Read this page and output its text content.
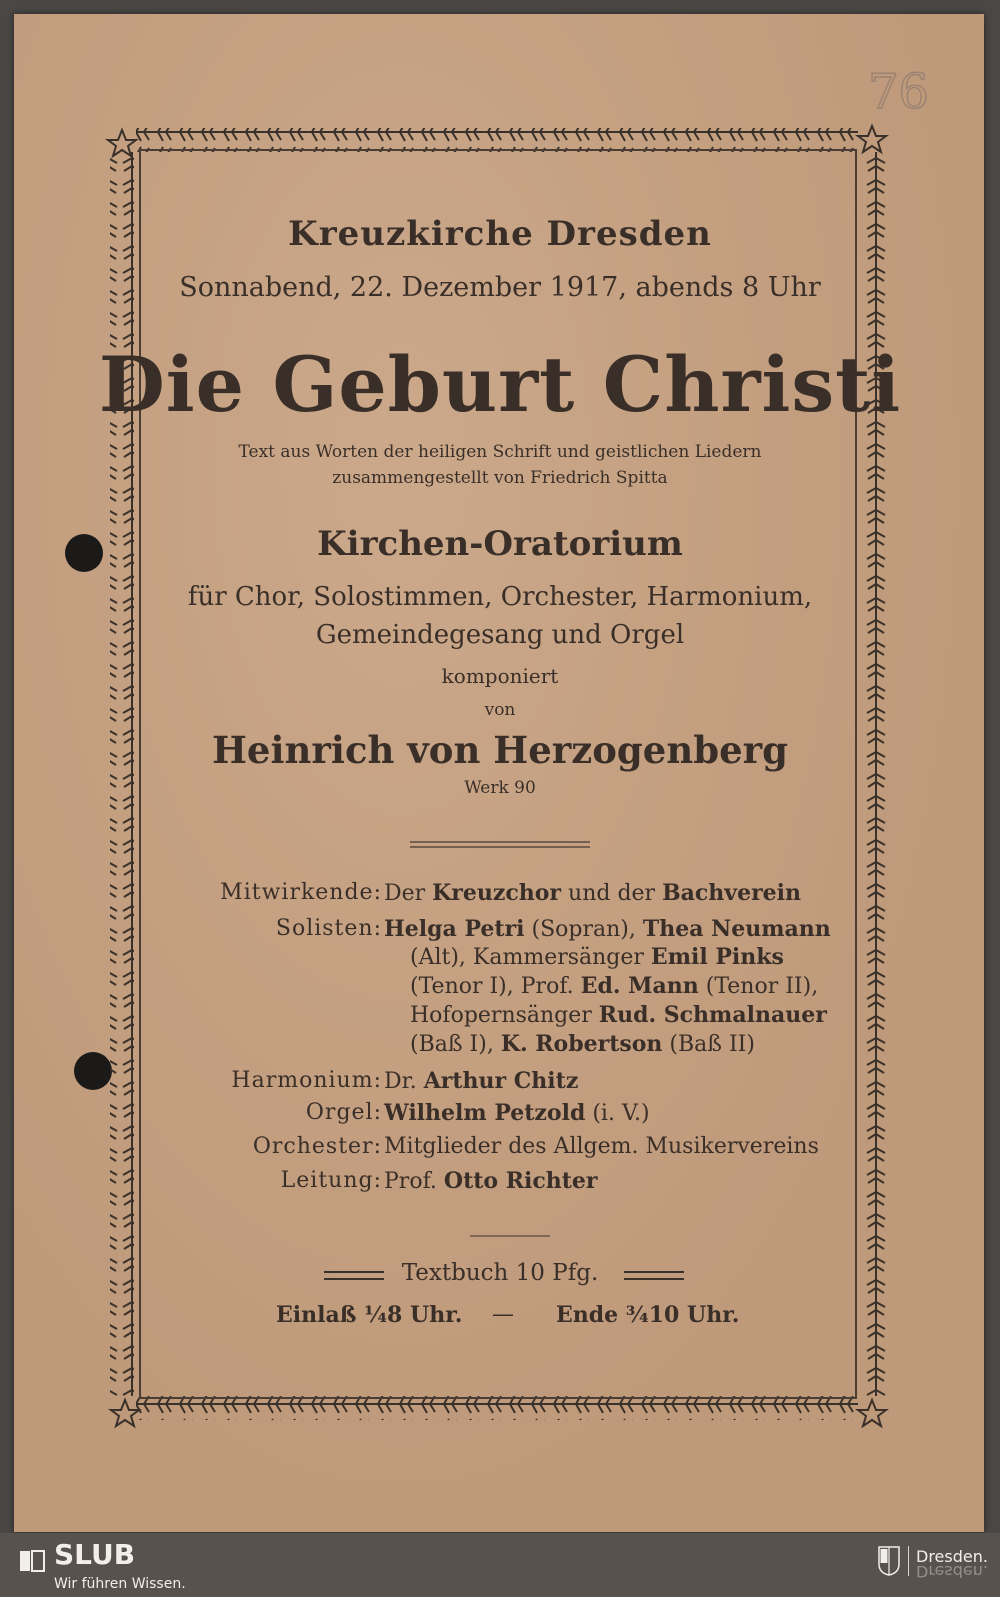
76
Kreuzkirche Dresden
Sonnabend, 22. Dezember 1917, abends 8 Uhr
Die Geburt Christi
Text aus Worten der heiligen Schrift und geistlichen Liedern
zusammengestellt von Friedrich Spitta
Kirchen-Oratorium
für Chor, Solostimmen, Orchester, Harmonium,
Gemeindegesang und Orgel
komponiert
von
Heinrich von Herzogenberg
Werk 90
Mitwirkende: Der Kreuzchor und der Bachverein
Solisten: Helga Petri (Sopran), Thea Neumann
(Alt), Kammersänger Emil Pinks
(Tenor I), Prof. Ed. Mann (Tenor II),
Hofopernsänger Rud. Schmalnauer
(Baß I), K. Robertson (Baß II)
Harmonium: Dr. Arthur Chitz
Orgel: Wilhelm Petzold (i. V.)
Orchester: Mitglieder des Allgem. Musikervereins
Leitung: Prof. Otto Richter
Textbuch 10 Pfg.
Einlaß ¼8 Uhr. — Ende ¾10 Uhr.
SLUB
Wir führen Wissen.
Dresden.
Dresden.
